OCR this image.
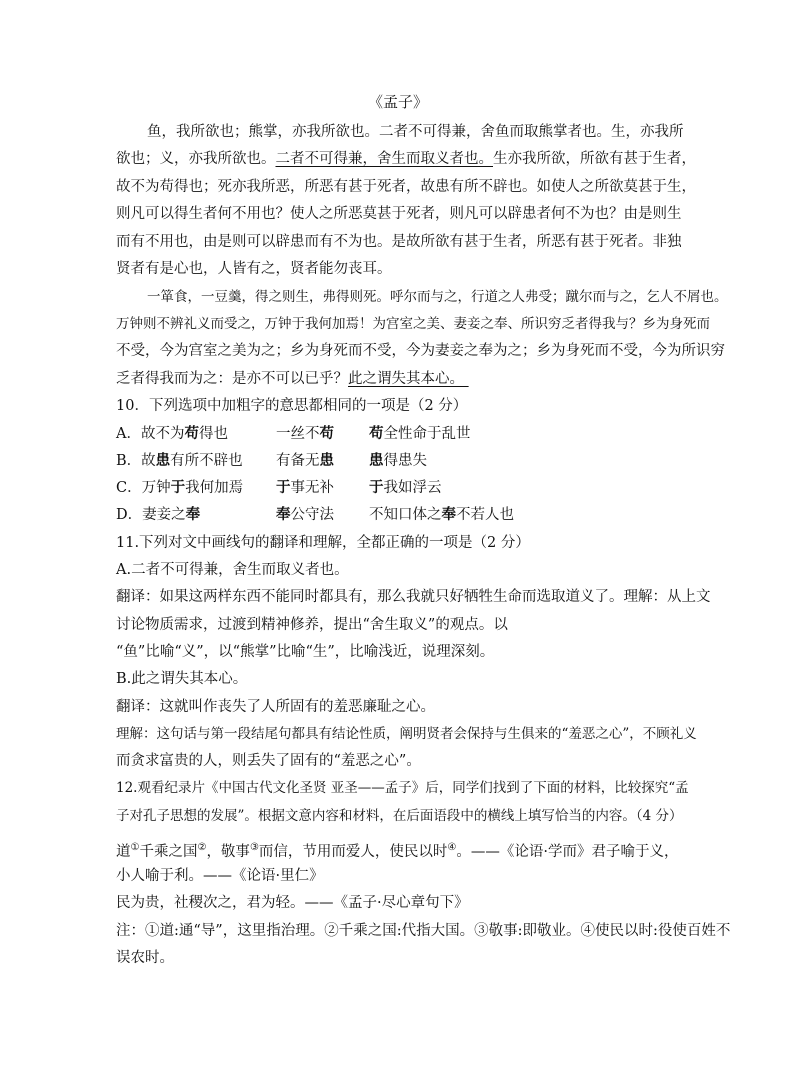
《孟子》
鱼，我所欲也；熊掌，亦我所欲也。二者不可得兼，舍鱼而取熊掌者也。生，亦我所
欲也；义，亦我所欲也。二者不可得兼，舍生而取义者也。生亦我所欲，所欲有甚于生者，
故不为苟得也；死亦我所恶，所恶有甚于死者，故患有所不辟也。如使人之所欲莫甚于生，
则凡可以得生者何不用也？使人之所恶莫甚于死者，则凡可以辟患者何不为也？由是则生
而有不用也，由是则可以辟患而有不为也。是故所欲有甚于生者，所恶有甚于死者。非独
贤者有是心也，人皆有之，贤者能勿丧耳。
一箪食，一豆羹，得之则生，弗得则死。呼尔而与之，行道之人弗受；蹴尔而与之，乞人不屑也。
万钟则不辨礼义而受之，万钟于我何加焉！为宫室之美、妻妾之奉、所识穷乏者得我与？乡为身死而
不受，今为宫室之美为之；乡为身死而不受，今为妻妾之奉为之；乡为身死而不受，今为所识穷
乏者得我而为之：是亦不可以已乎？此之谓失其本心。
10．下列选项中加粗字的意思都相同的一项是（2 分）
A．故不为苟得也	一丝不苟 苟全性命于乱世
B．故患有所不辟也 有备无患 患得患失
C．万钟于我何加焉 于事无补 于我如浮云
D．妻妾之奉	奉公守法 不知口体之奉不若人也
11.下列对文中画线句的翻译和理解，全都正确的一项是（2 分）
A.二者不可得兼，舍生而取义者也。
翻译：如果这两样东西不能同时都具有，那么我就只好牺牲生命而选取道义了。理解：从上文
讨论物质需求，过渡到精神修养，提出“舍生取义”的观点。以
“鱼”比喻“义”，以“熊掌”比喻“生”，比喻浅近，说理深刻。
B.此之谓失其本心。
翻译：这就叫作丧失了人所固有的羞恶廉耻之心。
理解：这句话与第一段结尾句都具有结论性质，阐明贤者会保持与生俱来的“羞恶之心”，不顾礼义
而贪求富贵的人，则丢失了固有的“羞恶之心”。
12.观看纪录片《中国古代文化圣贤 亚圣——孟子》后，同学们找到了下面的材料，比较探究“孟
子对孔子思想的发展”。根据文意内容和材料，在后面语段中的横线上填写恰当的内容。（4 分）
道①千乘之国②，敬事③而信，节用而爱人，使民以时④。——《论语·学而》君子喻于义，
小人喻于利。——《论语·里仁》
民为贵，社稷次之，君为轻。——《孟子·尽心章句下》
注：①道:通“导”，这里指治理。②千乘之国:代指大国。③敬事:即敬业。④使民以时:役使百姓不
误农时。
